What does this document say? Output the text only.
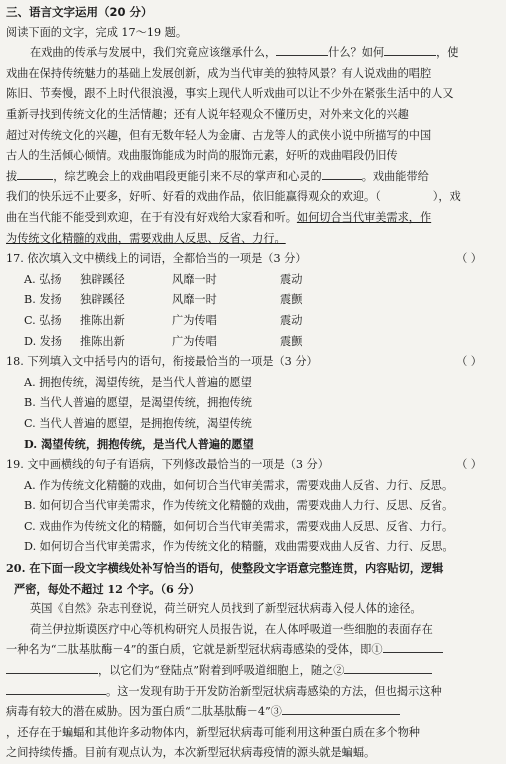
三、语言文字运用（20 分）
阅读下面的文字，完成 17～19 题。
在戏曲的传承与发展中，我们究竟应该继承什么，	什么？如何	，使
戏曲在保持传统魅力的基础上发展创新，成为当代审美的独特风景？有人说戏曲的唱腔
陈旧、节奏慢，跟不上时代很浪漫，事实上现代人听戏曲可以让不少外在紧张生活中的人又
重新寻找到传统文化的生活情趣；还有人说年轻观众不懂历史，对外来文化的兴趣
超过对传统文化的兴趣，但有无数年轻人为金庸、古龙等人的武侠小说中所描写的中国
古人的生活倾心倾情。戏曲服饰能成为时尚的服饰元素，好听的戏曲唱段仍旧传
拔	，综艺晚会上的戏曲唱段更能引来不尽的掌声和心灵的	。戏曲能带给
我们的快乐远不止要多，好听、好看的戏曲作品，依旧能赢得观众的欢迎。（	），戏
曲在当代能不能受到欢迎，在于有没有好戏给大家看和听。如何切合当代审美需求，作
为传统文化精髓的戏曲，需要戏曲人反思、反省、力行。
17. 依次填入文中横线上的词语，全都恰当的一项是（3 分）	（ ）
A. 弘扬	独辟蹊径	风靡一时	震动
B. 发扬	独辟蹊径	风靡一时	震颤
C. 弘扬	推陈出新	广为传唱	震动
D. 发扬	推陈出新	广为传唱	震颤
18. 下列填入文中括号内的语句，衔接最恰当的一项是（3 分）	（ ）
A. 拥抱传统，渴望传统，是当代人普遍的愿望
B. 当代人普遍的愿望，是渴望传统，拥抱传统
C. 当代人普遍的愿望，是拥抱传统，渴望传统
D. 渴望传统，拥抱传统，是当代人普遍的愿望
19. 文中画横线的句子有语病，下列修改最恰当的一项是（3 分）	（ ）
A. 作为传统文化精髓的戏曲，如何切合当代审美需求，需要戏曲人反省、力行、反思。
B. 如何切合当代审美需求，作为传统文化精髓的戏曲，需要戏曲人力行、反思、反省。
C. 戏曲作为传统文化的精髓，如何切合当代审美需求，需要戏曲人反思、反省、力行。
D. 如何切合当代审美需求，作为传统文化的精髓，戏曲需要戏曲人反省、力行、反思。
20. 在下面一段文字横线处补写恰当的语句，使整段文字语意完整连贯，内容贴切，逻辑
严密，每处不超过 12 个字。（6 分）
英国《自然》杂志刊登说，荷兰研究人员找到了新型冠状病毒入侵人体的途径。
荷兰伊拉斯谟医疗中心等机构研究人员报告说，在人体呼吸道一些细胞的表面存在
一种名为“二肽基肽酶－4”的蛋白质，它就是新型冠状病毒感染的受体，即①
，以它们为“登陆点”附着到呼吸道细胞上，随之②
。这一发现有助于开发防治新型冠状病毒感染的方法，但也揭示这种
病毒有较大的潜在威胁。因为蛋白质“二肽基肽酶－4”③
，还存在于蝙蝠和其他许多动物体内，新型冠状病毒可能利用这种蛋白质在多个物种
之间持续传播。目前有观点认为，本次新型冠状病毒疫情的源头就是蝙蝠。
